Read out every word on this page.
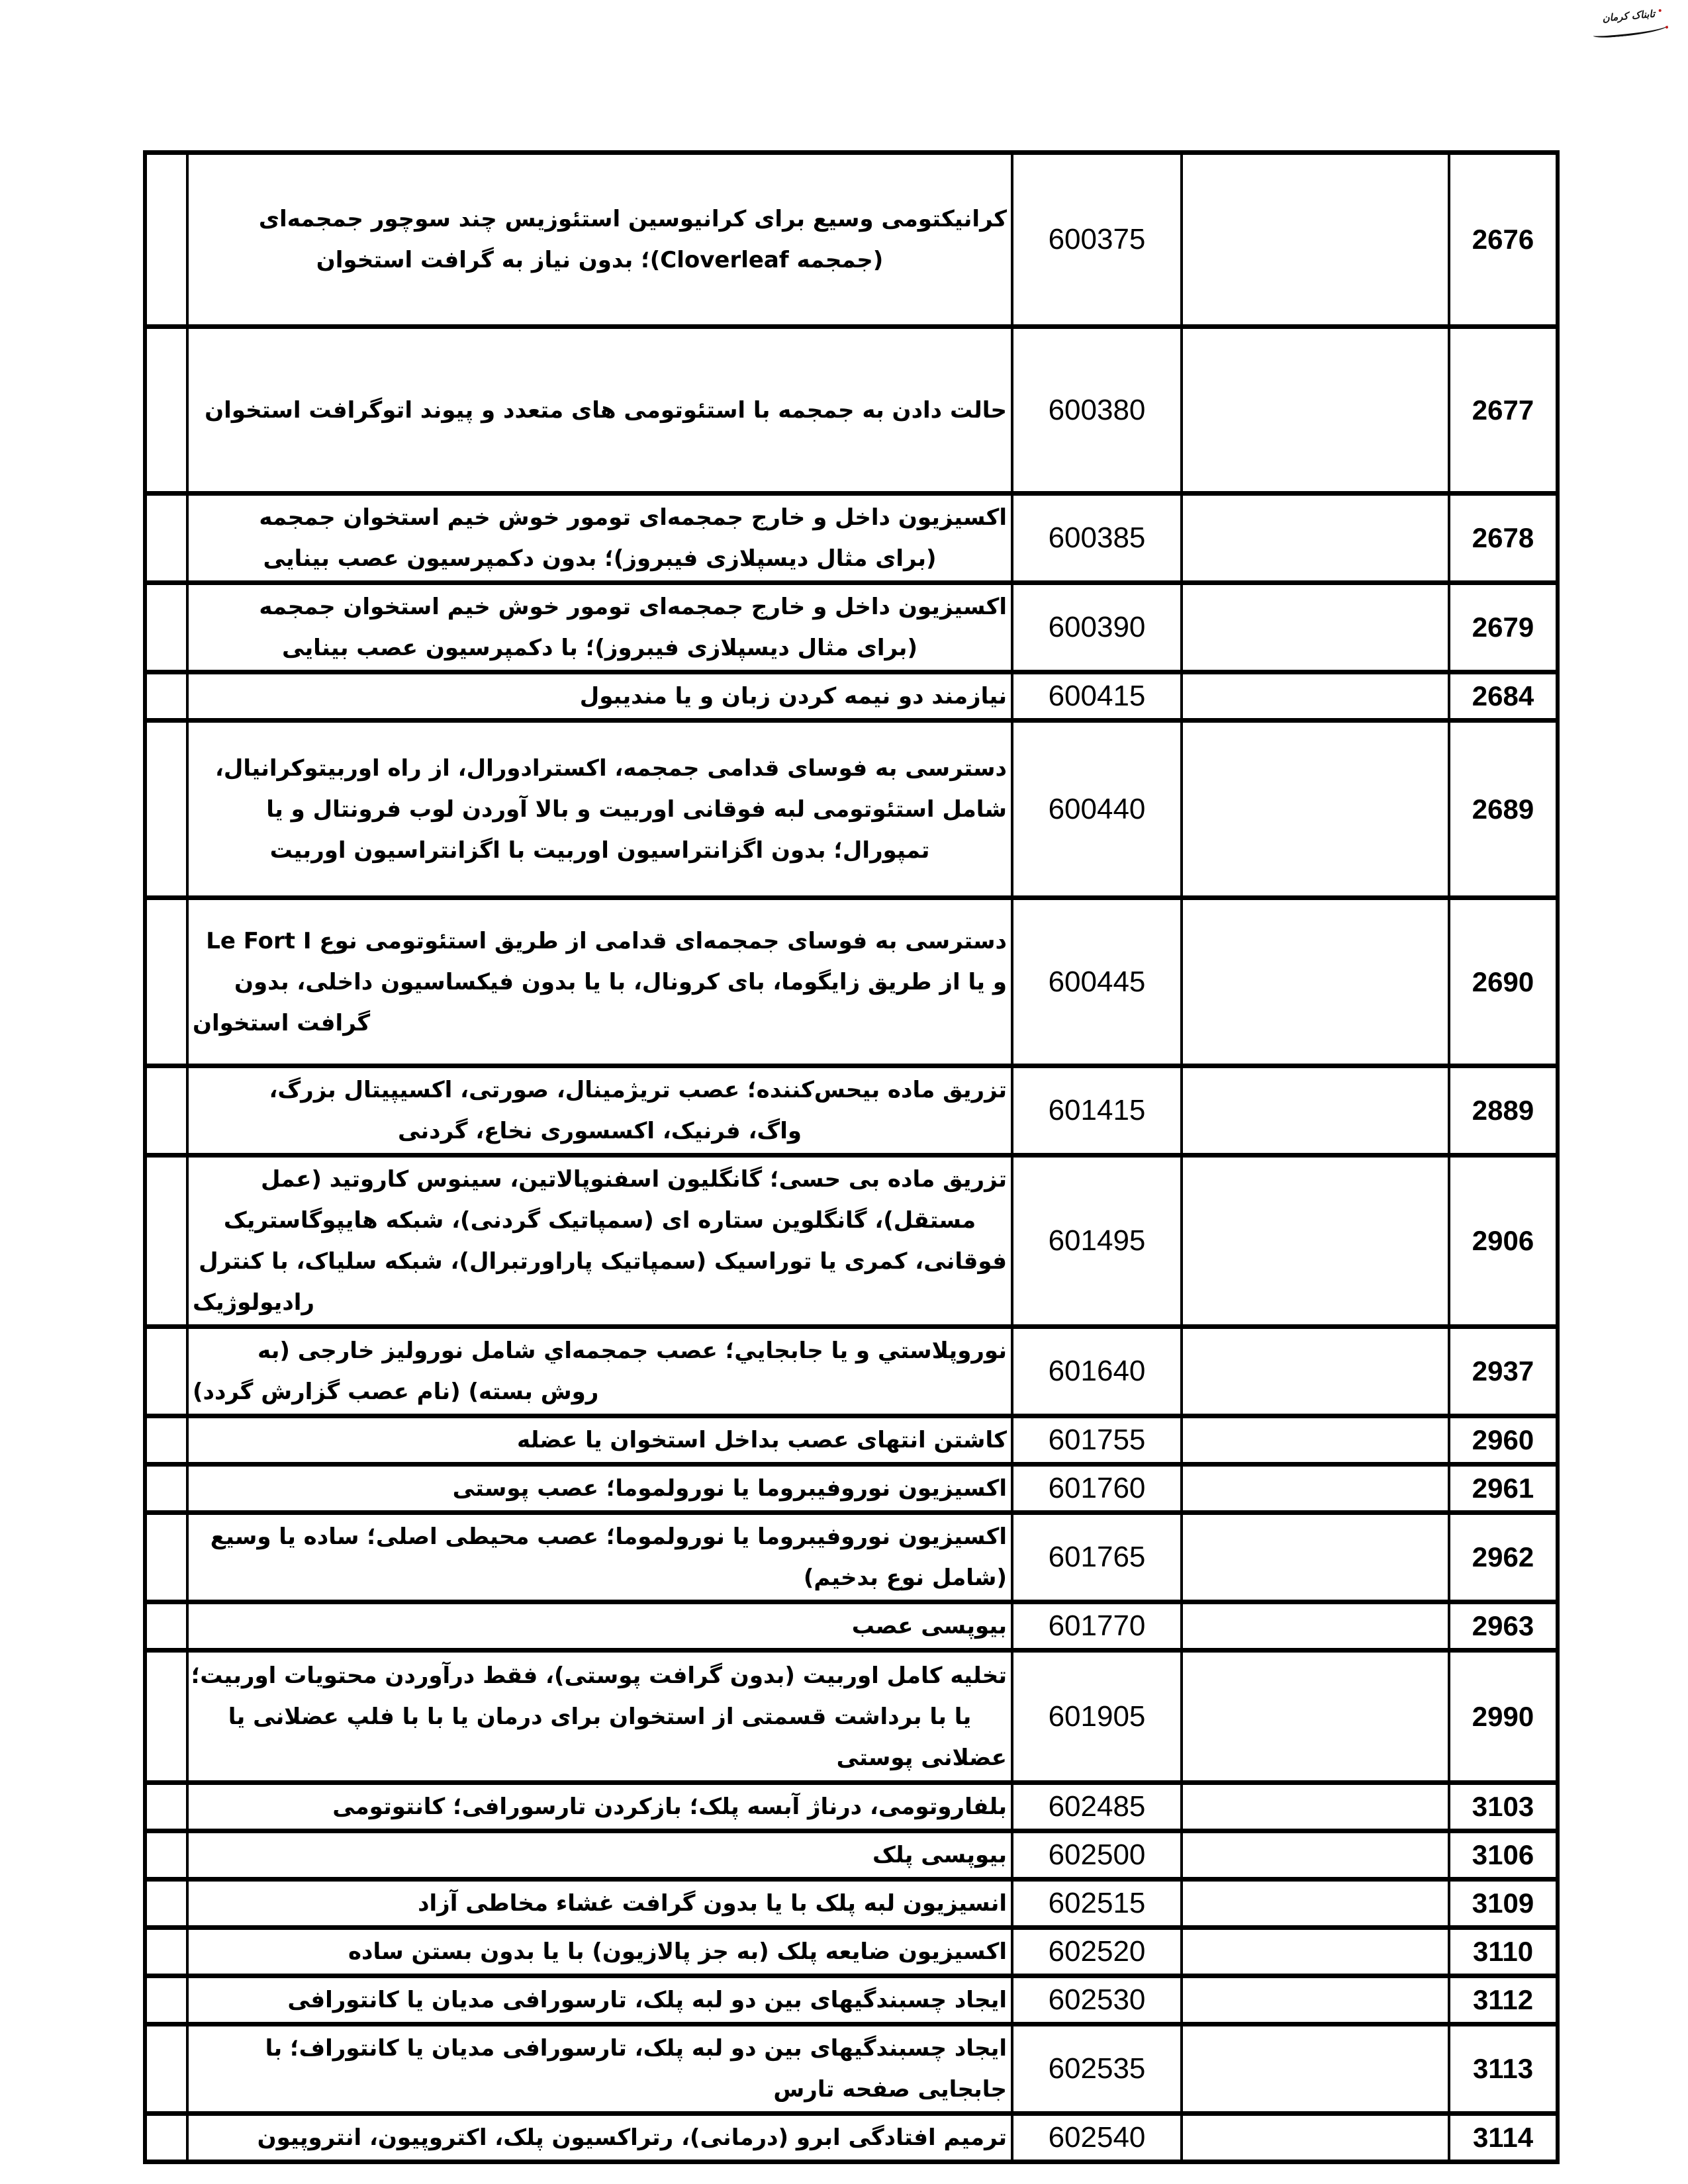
تابناک کرمان
2676		600375	کرانیکتومی وسیع برای کرانیوسین استئوزیس چند سوچور جمجمه‌ای
(جمجمه Cloverleaf)؛ بدون نیاز به گرافت استخوان	

2677		600380	حالت دادن به جمجمه با استئوتومی های متعدد و پیوند اتوگرافت استخوان	

2678		600385	اکسیزیون داخل و خارج جمجمه‌ای تومور خوش خیم استخوان جمجمه
(برای مثال دیسپلازی فیبروز)؛ بدون دکمپرسیون عصب بینایی	

2679		600390	اکسیزیون داخل و خارج جمجمه‌ای تومور خوش خیم استخوان جمجمه
(برای مثال دیسپلازی فیبروز)؛ با دکمپرسیون عصب بینایی	

2684		600415	نیازمند دو نیمه کردن زبان و یا مندیبول	

2689		600440	دسترسی به فوسای قدامی جمجمه، اکسترادورال، از راه اوربیتوکرانیال،
شامل استئوتومی لبه فوقانی اوربیت و بالا آوردن لوب فرونتال و یا
تمپورال؛ بدون اگزانتراسیون اوربیت با اگزانتراسیون اوربیت	

2690		600445	دسترسی به فوسای جمجمه‌ای قدامی از طریق استئوتومی نوع Le Fort I
و یا از طریق زایگوما، بای کرونال، با یا بدون فیکساسیون داخلی، بدون
گرافت استخوان	

2889		601415	تزریق ماده بیحس‌کننده؛ عصب تریژمینال، صورتی، اکسیپیتال بزرگ،
واگ، فرنیک، اکسسوری نخاع، گردنی	

2906		601495	تزریق ماده بی حسی؛ گانگلیون اسفنوپالاتین، سینوس کاروتید (عمل
مستقل)، گانگلوین ستاره ای (سمپاتیک گردنی)، شبکه هایپوگاستریک
فوقانی، کمری یا توراسیک (سمپاتیک پاراورتبرال)، شبکه سلیاک، با کنترل
رادیولوژیک	

2937		601640	نوروپلاستي و یا جابجايي؛ عصب جمجمه‌اي شامل نورولیز خارجی (به
روش بسته) (نام عصب گزارش گردد)	

2960		601755	کاشتن انتهای عصب بداخل استخوان یا عضله	

2961		601760	اکسیزیون نوروفیبروما یا نورولموما؛ عصب پوستی	

2962		601765	اکسیزیون نوروفیبروما یا نورولموما؛ عصب محیطی اصلی؛ ساده یا وسیع
(شامل نوع بدخیم)	

2963		601770	بیوپسی عصب	

2990		601905	تخلیه کامل اوربیت (بدون گرافت پوستی)، فقط درآوردن محتویات اوربیت؛
یا با برداشت قسمتی از استخوان برای درمان یا با با فلپ عضلانی یا
عضلانی پوستی	

3103		602485	بلفاروتومی، درناژ آبسه پلک؛ بازکردن تارسورافی؛ کانتوتومی	

3106		602500	بیوپسی پلک	

3109		602515	انسیزیون لبه پلک با یا بدون گرافت غشاء مخاطی آزاد	

3110		602520	اکسیزیون ضایعه پلک (به جز پالازیون) با یا بدون بستن ساده	

3112		602530	ایجاد چسبندگیهای بین دو لبه پلک، تارسورافی مدیان یا کانتورافی	

3113		602535	ایجاد چسبندگیهای بین دو لبه پلک، تارسورافی مدیان یا کانتوراف؛ با
جابجایی صفحه تارس	

3114		602540	ترمیم افتادگی ابرو (درمانی)، رتراکسیون پلک، اکتروپیون، انتروپیون	
